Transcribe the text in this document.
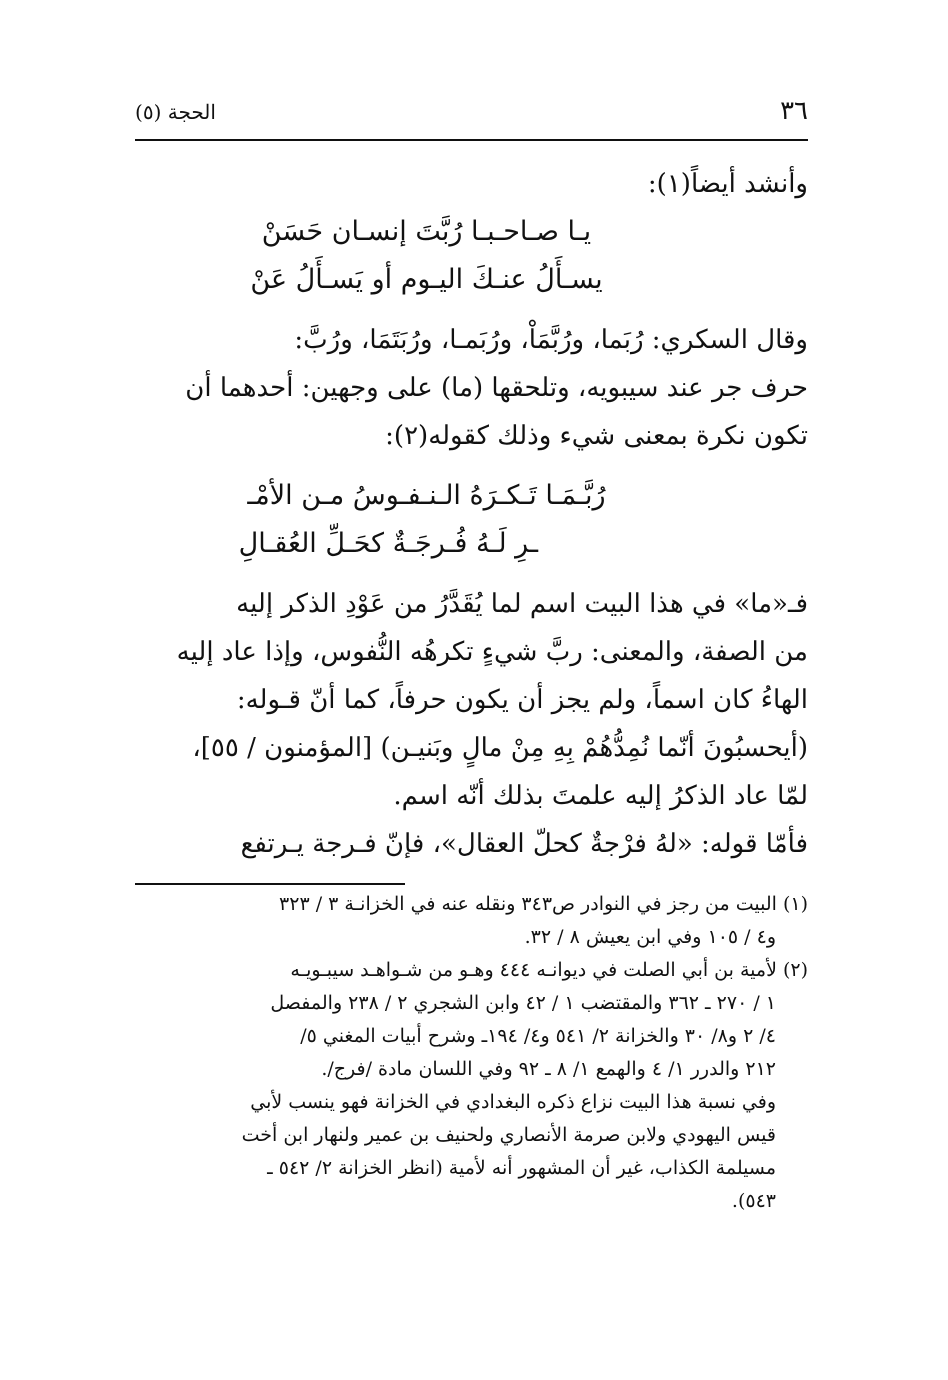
٣٦
الحجة (٥)
وأنشد أيضاً(١):
يـا صـاحـبـا رُبَّتَ إنسـان حَسَنْ
يسـأَلُ عنـكَ اليـوم أو يَسـأَلُ عَنْ
وقال السكري: رُبَما، ورُبَّمَاْ، ورُبَمـا، ورُبَتَمَا، ورُبَّ:
حرف جر عند سيبويه، وتلحقها (ما) على وجهين: أحدهما أن
تكون نكرة بمعنى شيء وذلك كقوله(٢):
رُبَّـمَـا تَـكـرَهُ الـنـفـوسُ مـن الأمْـ
ـرِ لَـهُ فُـرجَـةٌ كحَـلِّ العُقـالِ
فـ«ما» في هذا البيت اسم لما يُقَدَّرُ من عَوْدِ الذكر إليه
من الصفة، والمعنى: ربَّ شيءٍ تكرهُه النُّفوس، وإذا عاد إليه
الهاءُ كان اسماً، ولم يجز أن يكون حرفاً، كما أنّ قـوله:
(أيحسبُونَ أنّما نُمِدُّهُمْ بِهِ مِنْ مالٍ وبَنيـن) [المؤمنون / ٥٥]،
لمّا عاد الذكرُ إليه علمتَ بذلك أنّه اسم.
فأمّا قوله: «لهُ فرْجةٌ كحلّ العقال»، فإنّ فـرجة يـرتفع
(١) البيت من رجز في النوادر ص٣٤٣ ونقله عنه في الخزانـة ٣ / ٣٢٣
و٤ / ١٠٥ وفي ابن يعيش ٨ / ٣٢.
(٢) لأمية بن أبي الصلت في ديوانـه ٤٤٤ وهـو من شـواهـد سيبـويـه
١ / ٢٧٠ ـ ٣٦٢ والمقتضب ١ / ٤٢ وابن الشجري ٢ / ٢٣٨ والمفصل
٤/ ٢ و٨/ ٣٠ والخزانة ٢/ ٥٤١ و٤/ ١٩٤ـ وشرح أبيات المغني ٥/
٢١٢ والدرر ١/ ٤ والهمع ١/ ٨ ـ ٩٢ وفي اللسان مادة /فرج/.
وفي نسبة هذا البيت نزاع ذكره البغدادي في الخزانة فهو ينسب لأبي
قيس اليهودي ولابن صرمة الأنصاري ولحنيف بن عمير ولنهار ابن أخت
مسيلمة الكذاب، غير أن المشهور أنه لأمية (انظر الخزانة ٢/ ٥٤٢ ـ
٥٤٣).
